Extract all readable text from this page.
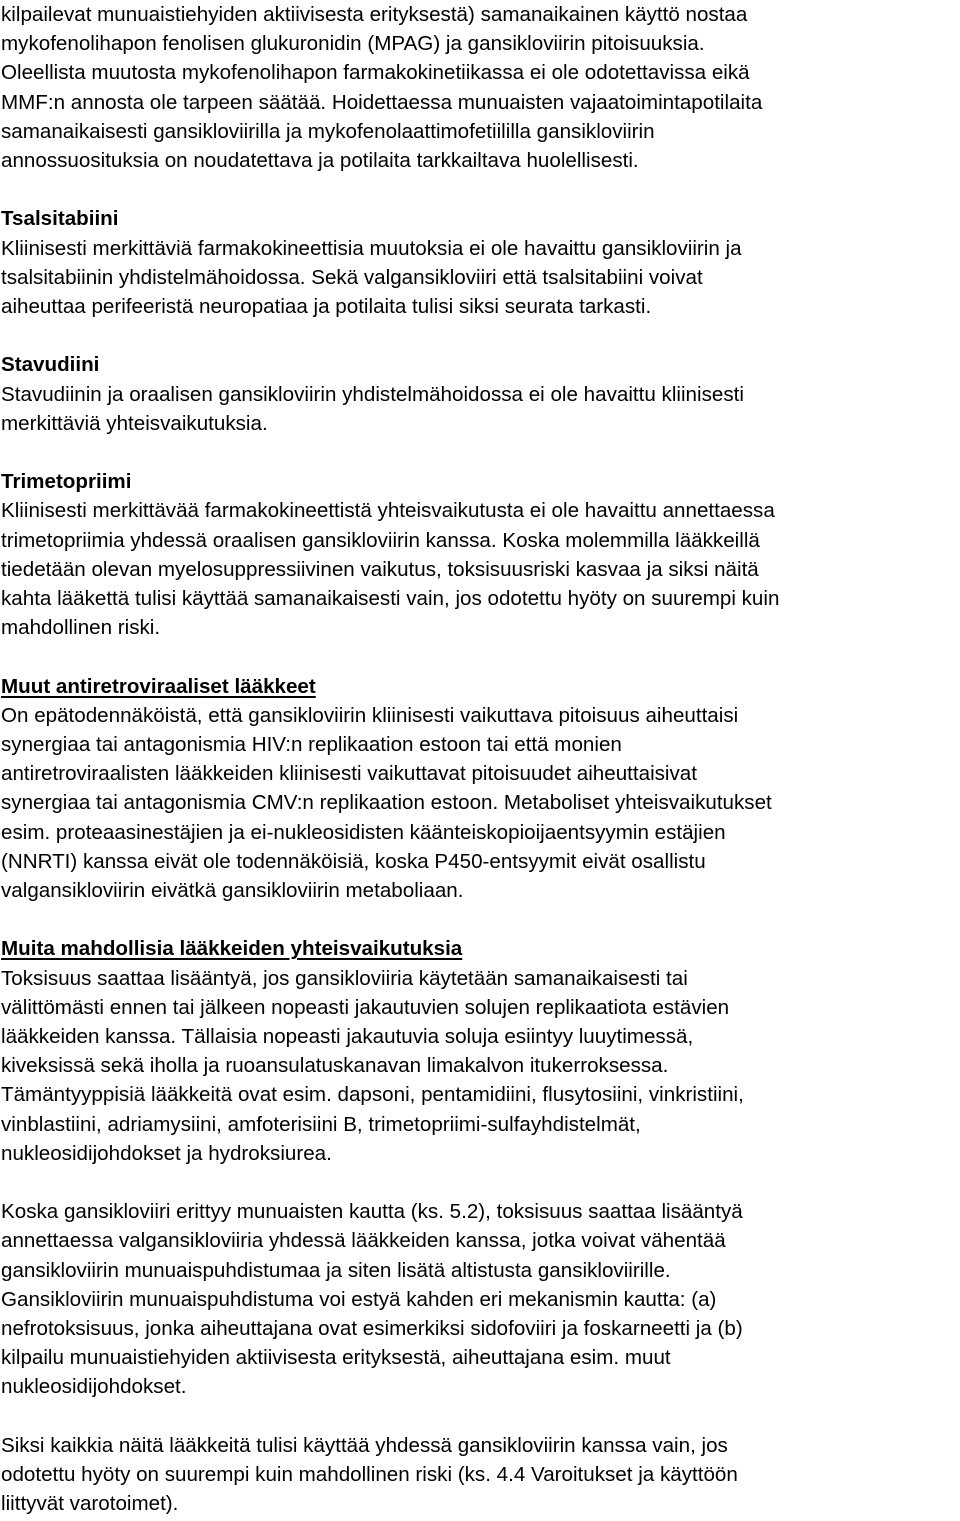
kilpailevat munuaistiehyiden aktiivisesta erityksestä) samanaikainen käyttö nostaa
mykofenolihapon fenolisen glukuronidin (MPAG) ja gansikloviirin pitoisuuksia.
Oleellista muutosta mykofenolihapon farmakokinetiikassa ei ole odotettavissa eikä
MMF:n annosta ole tarpeen säätää. Hoidettaessa munuaisten vajaatoimintapotilaita
samanaikaisesti gansikloviirilla ja mykofenolaattimofetiililla gansikloviirin
annossuosituksia on noudatettava ja potilaita tarkkailtava huolellisesti.

Tsalsitabiini
Kliinisesti merkittäviä farmakokineettisia muutoksia ei ole havaittu gansikloviirin ja
tsalsitabiinin yhdistelmähoidossa. Sekä valgansikloviiri että tsalsitabiini voivat
aiheuttaa perifeeristä neuropatiaa ja potilaita tulisi siksi seurata tarkasti.
Stavudiini
Stavudiinin ja oraalisen gansikloviirin yhdistelmähoidossa ei ole havaittu kliinisesti
merkittäviä yhteisvaikutuksia.
Trimetopriimi
Kliinisesti merkittävää farmakokineettistä yhteisvaikutusta ei ole havaittu annettaessa
trimetopriimia yhdessä oraalisen gansikloviirin kanssa. Koska molemmilla lääkkeillä
tiedetään olevan myelosuppressiivinen vaikutus, toksisuusriski kasvaa ja siksi näitä
kahta lääkettä tulisi käyttää samanaikaisesti vain, jos odotettu hyöty on suurempi kuin
mahdollinen riski.
Muut antiretroviraaliset lääkkeet
On epätodennäköistä, että gansikloviirin kliinisesti vaikuttava pitoisuus aiheuttaisi
synergiaa tai antagonismia HIV:n replikaation estoon tai että monien
antiretroviraalisten lääkkeiden kliinisesti vaikuttavat pitoisuudet aiheuttaisivat
synergiaa tai antagonismia CMV:n replikaation estoon. Metaboliset yhteisvaikutukset
esim. proteaasinestäjien ja ei-nukleosidisten käänteiskopioijaentsyymin estäjien
(NNRTI) kanssa eivät ole todennäköisiä, koska P450-entsyymit eivät osallistu
valgansikloviirin eivätkä gansikloviirin metaboliaan.
Muita mahdollisia lääkkeiden yhteisvaikutuksia
Toksisuus saattaa lisääntyä, jos gansikloviiria käytetään samanaikaisesti tai
välittömästi ennen tai jälkeen nopeasti jakautuvien solujen replikaatiota estävien
lääkkeiden kanssa. Tällaisia nopeasti jakautuvia soluja esiintyy luuytimessä,
kiveksissä sekä iholla ja ruoansulatuskanavan limakalvon itukerroksessa.
Tämäntyyppisiä lääkkeitä ovat esim. dapsoni, pentamidiini, flusytosiini, vinkristiini,
vinblastiini, adriamysiini, amfoterisiini B, trimetopriimi-sulfayhdistelmät,
nukleosidijohdokset ja hydroksiurea.

Koska gansikloviiri erittyy munuaisten kautta (ks. 5.2), toksisuus saattaa lisääntyä
annettaessa valgansikloviiria yhdessä lääkkeiden kanssa, jotka voivat vähentää
gansikloviirin munuaispuhdistumaa ja siten lisätä altistusta gansikloviirille.
Gansikloviirin munuaispuhdistuma voi estyä kahden eri mekanismin kautta: (a)
nefrotoksisuus, jonka aiheuttajana ovat esimerkiksi sidofoviiri ja foskarneetti ja (b)
kilpailu munuaistiehyiden aktiivisesta erityksestä, aiheuttajana esim. muut
nukleosidijohdokset.

Siksi kaikkia näitä lääkkeitä tulisi käyttää yhdessä gansikloviirin kanssa vain, jos
odotettu hyöty on suurempi kuin mahdollinen riski (ks. 4.4 Varoitukset ja käyttöön
liittyvät varotoimet).
